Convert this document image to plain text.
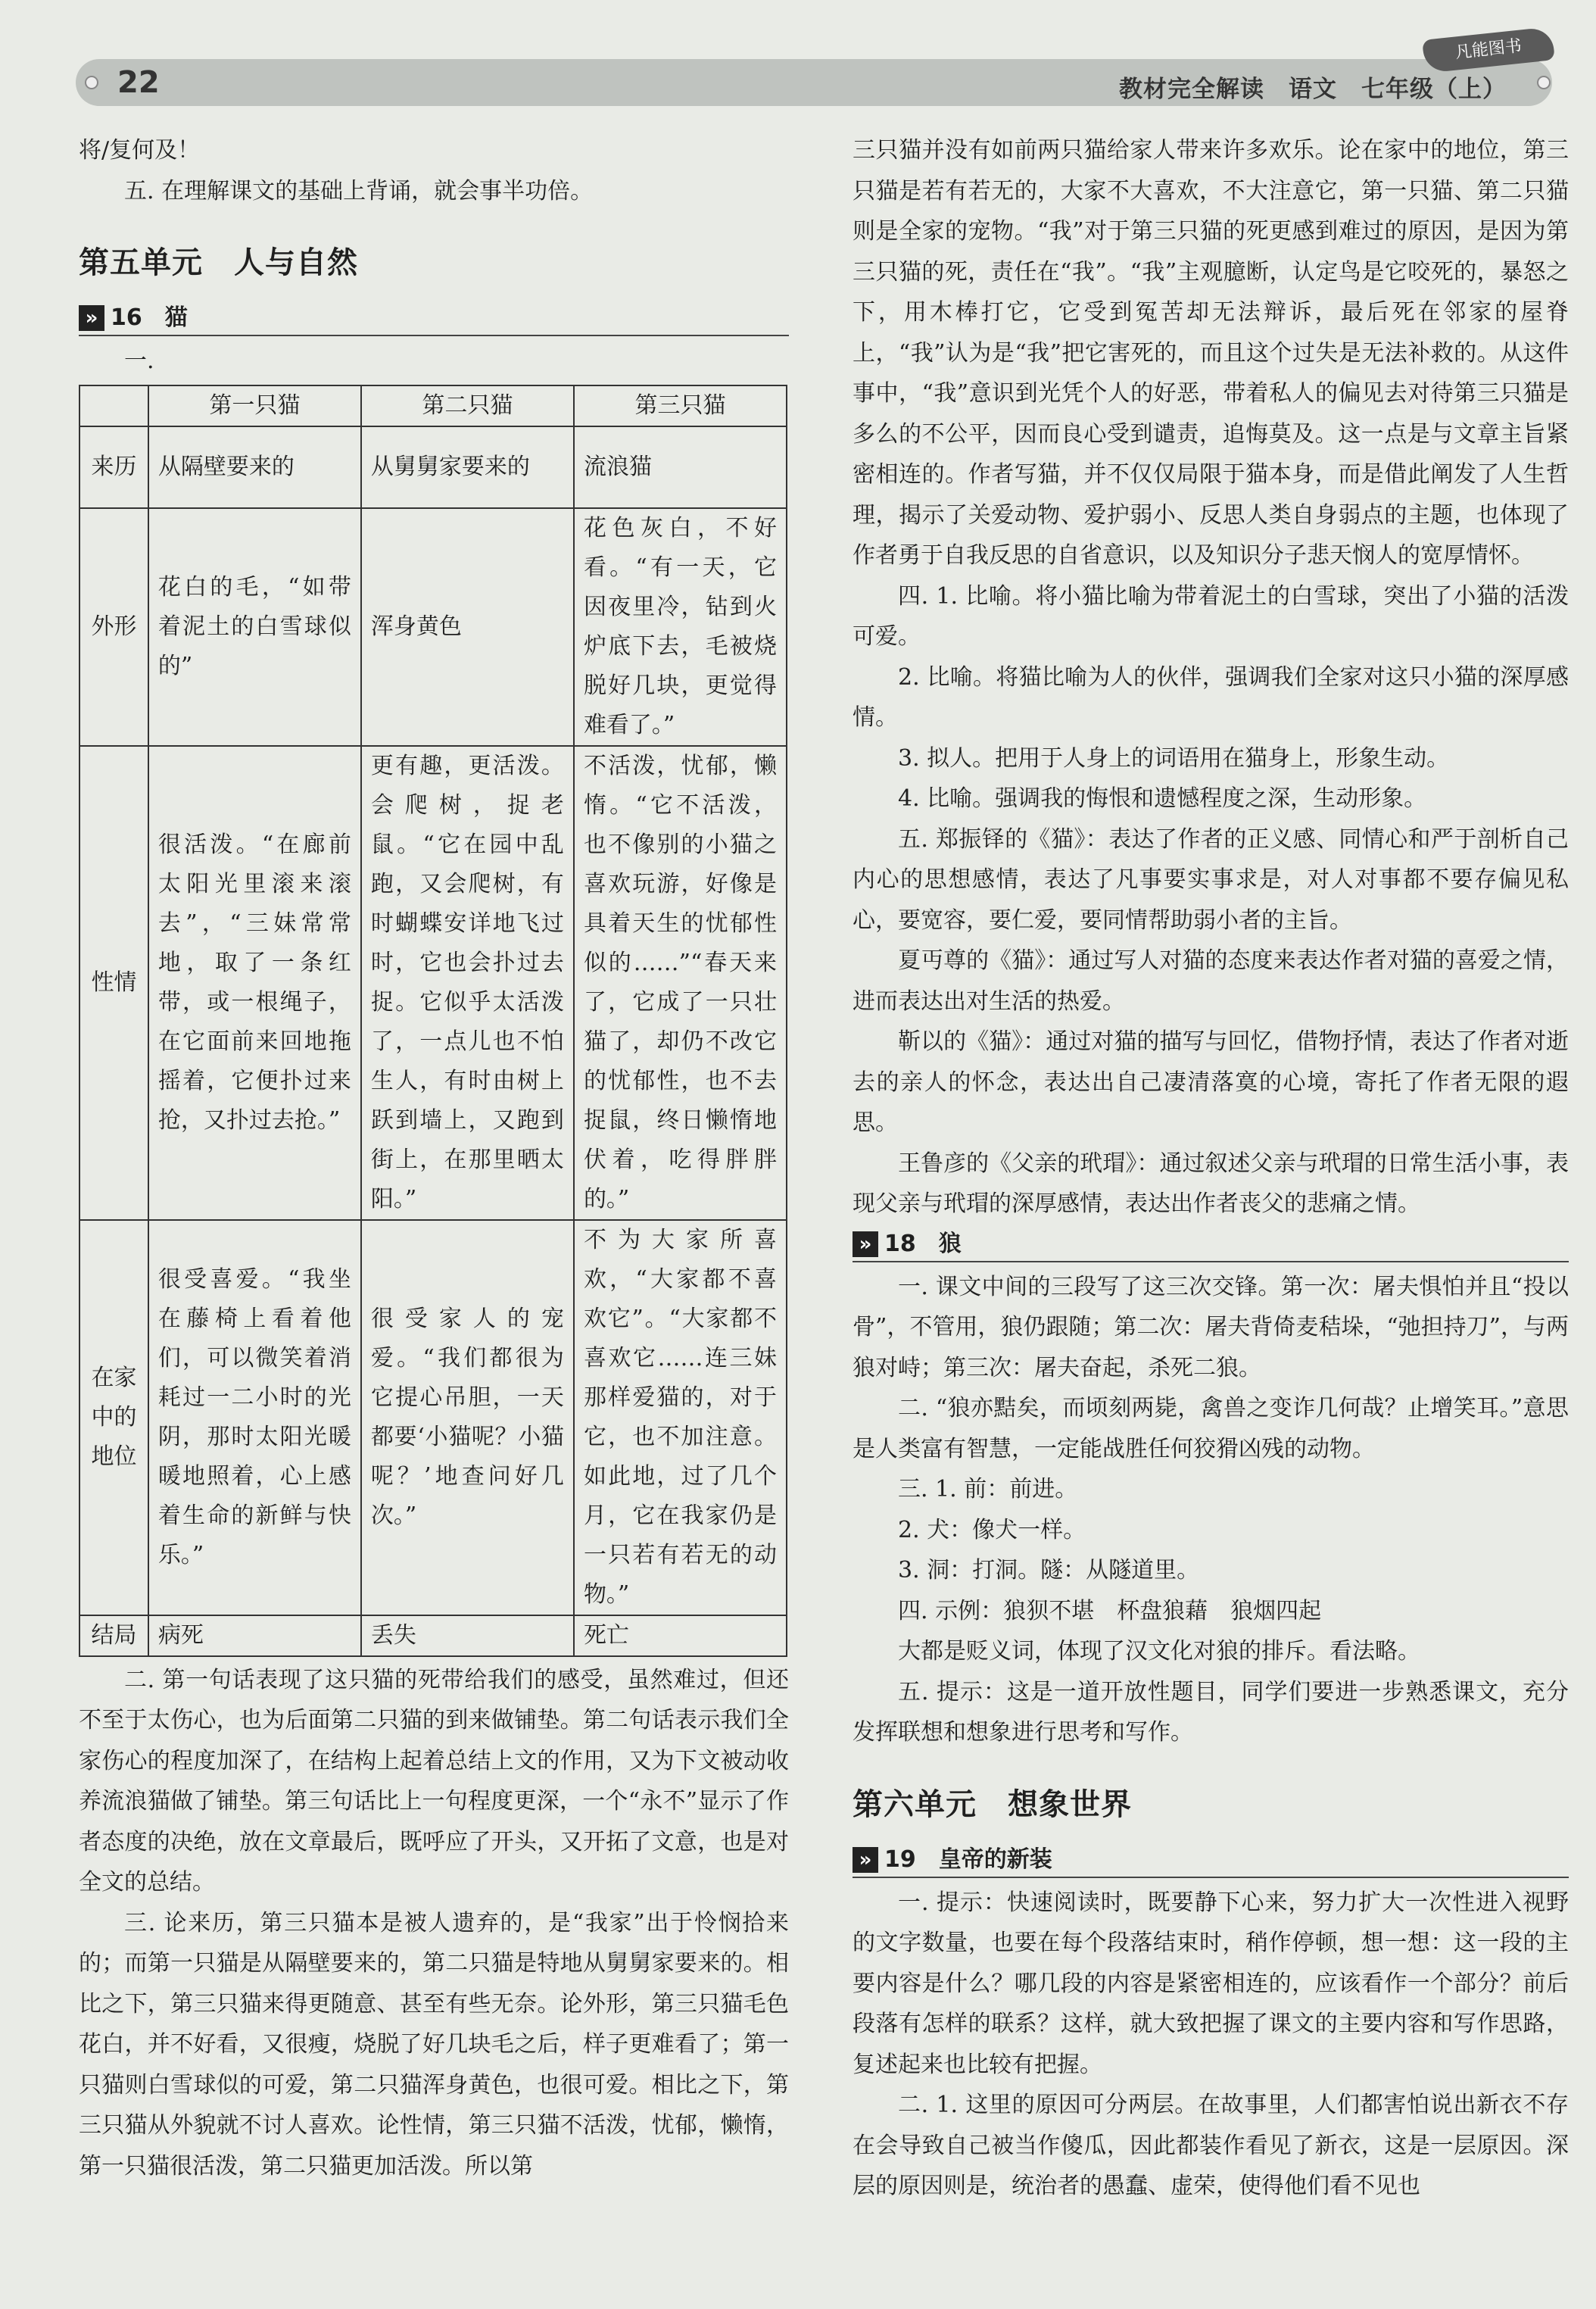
22	教材完全解读　语文　七年级（上）
凡能图书

将/复何及！

五. 在理解课文的基础上背诵，就会事半功倍。

第五单元　人与自然
» 16 猫

一.

	第一只猫	第二只猫	第三只猫
来历	从隔壁要来的	从舅舅家要来的	流浪猫
外形	花白的毛，“如带着泥土的白雪球似的”	浑身黄色	花色灰白，不好看。“有一天，它因夜里冷，钻到火炉底下去，毛被烧脱好几块，更觉得难看了。”
性情	很活泼。“在廊前太阳光里滚来滚去”，“三妹常常地，取了一条红带，或一根绳子，在它面前来回地拖摇着，它便扑过来抢，又扑过去抢。”	更有趣，更活泼。会爬树，捉老鼠。“它在园中乱跑，又会爬树，有时蝴蝶安详地飞过时，它也会扑过去捉。它似乎太活泼了，一点儿也不怕生人，有时由树上跃到墙上，又跑到街上，在那里晒太阳。”	不活泼，忧郁，懒惰。“它不活泼，也不像别的小猫之喜欢玩游，好像是具着天生的忧郁性似的……”“春天来了，它成了一只壮猫了，却仍不改它的忧郁性，也不去捉鼠，终日懒惰地伏着，吃得胖胖的。”
在家中的地位	很受喜爱。“我坐在藤椅上看着他们，可以微笑着消耗过一二小时的光阴，那时太阳光暖暖地照着，心上感着生命的新鲜与快乐。”	很受家人的宠爱。“我们都很为它提心吊胆，一天都要‘小猫呢？小猫呢？’地查问好几次。”	不为大家所喜欢，“大家都不喜欢它”。“大家都不喜欢它……连三妹那样爱猫的，对于它，也不加注意。如此地，过了几个月，它在我家仍是一只若有若无的动物。”
结局	病死	丢失	死亡

二. 第一句话表现了这只猫的死带给我们的感受，虽然难过，但还不至于太伤心，也为后面第二只猫的到来做铺垫。第二句话表示我们全家伤心的程度加深了，在结构上起着总结上文的作用，又为下文被动收养流浪猫做了铺垫。第三句话比上一句程度更深，一个“永不”显示了作者态度的决绝，放在文章最后，既呼应了开头，又开拓了文意，也是对全文的总结。

三. 论来历，第三只猫本是被人遗弃的，是“我家”出于怜悯拾来的；而第一只猫是从隔壁要来的，第二只猫是特地从舅舅家要来的。相比之下，第三只猫来得更随意、甚至有些无奈。论外形，第三只猫毛色花白，并不好看，又很瘦，烧脱了好几块毛之后，样子更难看了；第一只猫则白雪球似的可爱，第二只猫浑身黄色，也很可爱。相比之下，第三只猫从外貌就不讨人喜欢。论性情，第三只猫不活泼，忧郁，懒惰，第一只猫很活泼，第二只猫更加活泼。所以第

三只猫并没有如前两只猫给家人带来许多欢乐。论在家中的地位，第三只猫是若有若无的，大家不大喜欢，不大注意它，第一只猫、第二只猫则是全家的宠物。“我”对于第三只猫的死更感到难过的原因，是因为第三只猫的死，责任在“我”。“我”主观臆断，认定鸟是它咬死的，暴怒之下，用木棒打它，它受到冤苦却无法辩诉，最后死在邻家的屋脊上，“我”认为是“我”把它害死的，而且这个过失是无法补救的。从这件事中，“我”意识到光凭个人的好恶，带着私人的偏见去对待第三只猫是多么的不公平，因而良心受到谴责，追悔莫及。这一点是与文章主旨紧密相连的。作者写猫，并不仅仅局限于猫本身，而是借此阐发了人生哲理，揭示了关爱动物、爱护弱小、反思人类自身弱点的主题，也体现了作者勇于自我反思的自省意识，以及知识分子悲天悯人的宽厚情怀。

四. 1. 比喻。将小猫比喻为带着泥土的白雪球，突出了小猫的活泼可爱。

2. 比喻。将猫比喻为人的伙伴，强调我们全家对这只小猫的深厚感情。

3. 拟人。把用于人身上的词语用在猫身上，形象生动。

4. 比喻。强调我的悔恨和遗憾程度之深，生动形象。

五. 郑振铎的《猫》：表达了作者的正义感、同情心和严于剖析自己内心的思想感情，表达了凡事要实事求是，对人对事都不要存偏见私心，要宽容，要仁爱，要同情帮助弱小者的主旨。

夏丏尊的《猫》：通过写人对猫的态度来表达作者对猫的喜爱之情，进而表达出对生活的热爱。

靳以的《猫》：通过对猫的描写与回忆，借物抒情，表达了作者对逝去的亲人的怀念，表达出自己凄清落寞的心境，寄托了作者无限的遐思。

王鲁彦的《父亲的玳瑁》：通过叙述父亲与玳瑁的日常生活小事，表现父亲与玳瑁的深厚感情，表达出作者丧父的悲痛之情。

» 18 狼

一. 课文中间的三段写了这三次交锋。第一次：屠夫惧怕并且“投以骨”，不管用，狼仍跟随；第二次：屠夫背倚麦秸垛，“弛担持刀”，与两狼对峙；第三次：屠夫奋起，杀死二狼。

二. “狼亦黠矣，而顷刻两毙，禽兽之变诈几何哉？止增笑耳。”意思是人类富有智慧，一定能战胜任何狡猾凶残的动物。

三. 1. 前：前进。

2. 犬：像犬一样。

3. 洞：打洞。隧：从隧道里。

四. 示例：狼狈不堪　杯盘狼藉　狼烟四起

大都是贬义词，体现了汉文化对狼的排斥。看法略。

五. 提示：这是一道开放性题目，同学们要进一步熟悉课文，充分发挥联想和想象进行思考和写作。

第六单元　想象世界
» 19 皇帝的新装

一. 提示：快速阅读时，既要静下心来，努力扩大一次性进入视野的文字数量，也要在每个段落结束时，稍作停顿，想一想：这一段的主要内容是什么？哪几段的内容是紧密相连的，应该看作一个部分？前后段落有怎样的联系？这样，就大致把握了课文的主要内容和写作思路，复述起来也比较有把握。

二. 1. 这里的原因可分两层。在故事里，人们都害怕说出新衣不存在会导致自己被当作傻瓜，因此都装作看见了新衣，这是一层原因。深层的原因则是，统治者的愚蠢、虚荣，使得他们看不见也
